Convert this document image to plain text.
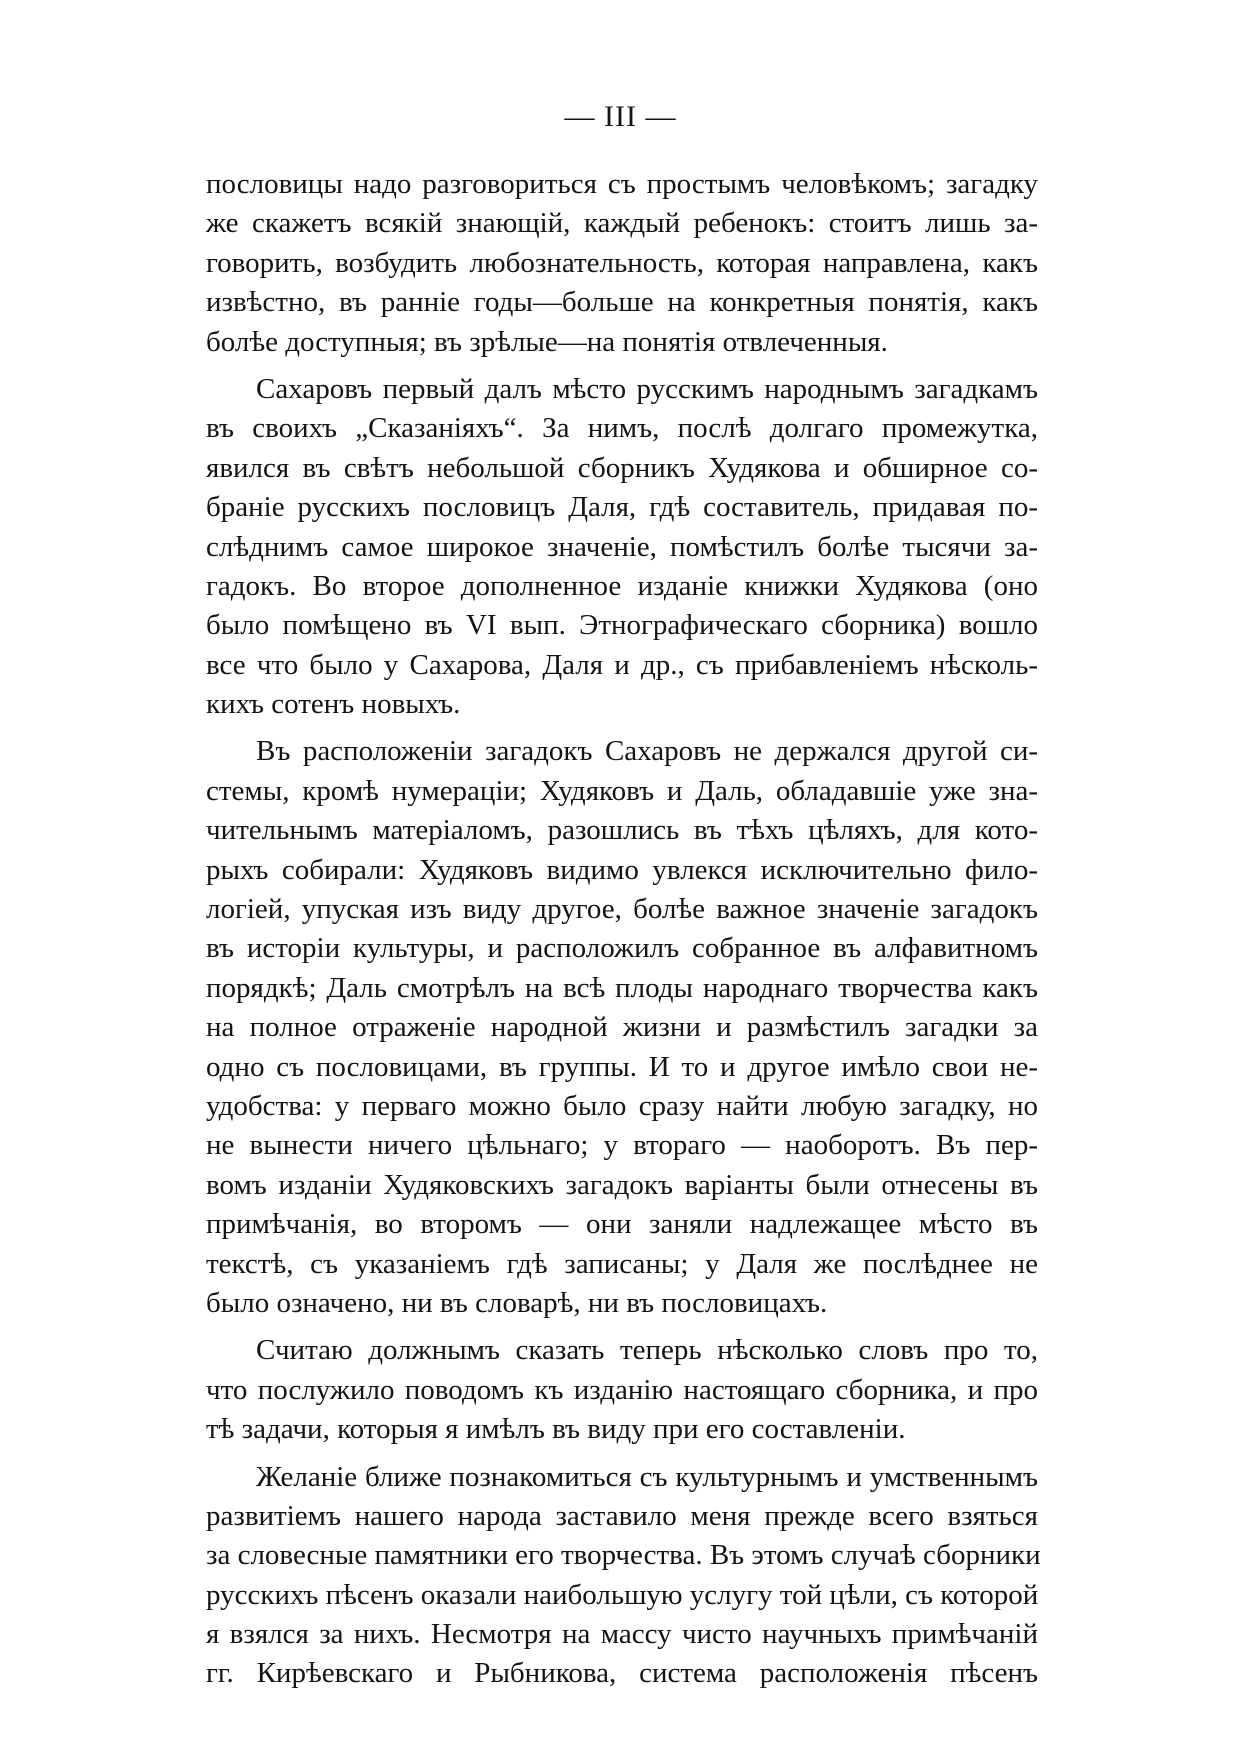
— III —
пословицы надо разговориться съ простымъ человѣкомъ; загадку
же скажетъ всякій знающій, каждый ребенокъ: стоитъ лишь за-
говорить, возбудить любознательность, которая направлена, какъ
извѣстно, въ раннiе годы—больше на конкретныя понятія, какъ
болѣе доступныя; въ зрѣлые—на понятія отвлеченныя.
Сахаровъ первый далъ мѣсто русскимъ народнымъ загадкамъ
въ своихъ „Сказаніяхъ“. За нимъ, послѣ долгаго промежутка,
явился въ свѣтъ небольшой сборникъ Худякова и обширное со-
браніе русскихъ пословицъ Даля, гдѣ составитель, придавая по-
слѣднимъ самое широкое значеніе, помѣстилъ болѣе тысячи за-
гадокъ. Во второе дополненное изданіе книжки Худякова (оно
было помѣщено въ VI вып. Этнографическаго сборника) вошло
все что было у Сахарова, Даля и др., съ прибавленіемъ нѣсколь-
кихъ сотенъ новыхъ.
Въ расположеніи загадокъ Сахаровъ не держался другой си-
стемы, кромѣ нумераціи; Худяковъ и Даль, обладавшіе уже зна-
чительнымъ матеріаломъ, разошлись въ тѣхъ цѣляхъ, для кото-
рыхъ собирали: Худяковъ видимо увлекся исключительно фило-
логіей, упуская изъ виду другое, болѣе важное значеніе загадокъ
въ исторіи культуры, и расположилъ собранное въ алфавитномъ
порядкѣ; Даль смотрѣлъ на всѣ плоды народнаго творчества какъ
на полное отраженіе народной жизни и размѣстилъ загадки за
одно съ пословицами, въ группы. И то и другое имѣло свои не-
удобства: у перваго можно было сразу найти любую загадку, но
не вынести ничего цѣльнаго; у втораго — наоборотъ. Въ пер-
вомъ изданіи Худяковскихъ загадокъ варіанты были отнесены въ
примѣчанія, во второмъ — они заняли надлежащее мѣсто въ
текстѣ, съ указаніемъ гдѣ записаны; у Даля же послѣднее не
было означено, ни въ словарѣ, ни въ пословицахъ.
Считаю должнымъ сказать теперь нѣсколько словъ про то,
что послужило поводомъ къ изданію настоящаго сборника, и про
тѣ задачи, которыя я имѣлъ въ виду при его составленіи.
Желаніе ближе познакомиться съ культурнымъ и умственнымъ
развитіемъ нашего народа заставило меня прежде всего взяться
за словесные памятники его творчества. Въ этомъ случаѣ сборники
русскихъ пѣсенъ оказали наибольшую услугу той цѣли, съ которой
я взялся за нихъ. Несмотря на массу чисто научныхъ примѣчаній
гг. Кирѣевскаго и Рыбникова, система расположенія пѣсенъ
